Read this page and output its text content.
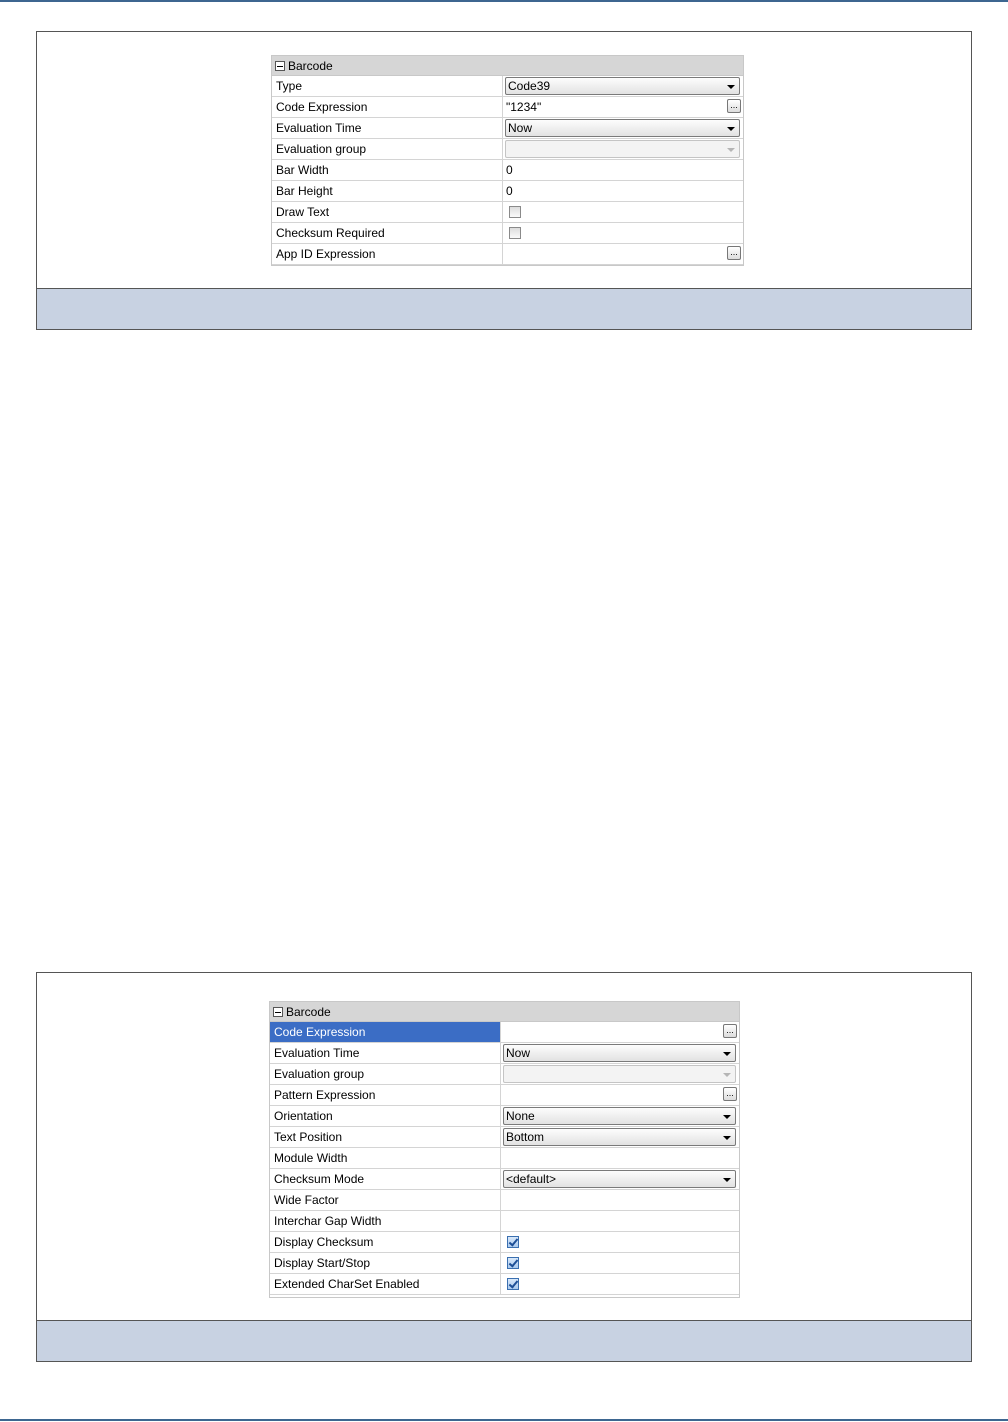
Barcode
Type	Code39
Code Expression	"1234"	...
Evaluation Time	Now
Evaluation group
Bar Width	0
Bar Height	0
Draw Text
Checksum Required
App ID Expression	...
Barcode
Code Expression	...
Evaluation Time	Now
Evaluation group
Pattern Expression	...
Orientation	None
Text Position	Bottom
Module Width
Checksum Mode	<default>
Wide Factor
Interchar Gap Width
Display Checksum
Display Start/Stop
Extended CharSet Enabled
